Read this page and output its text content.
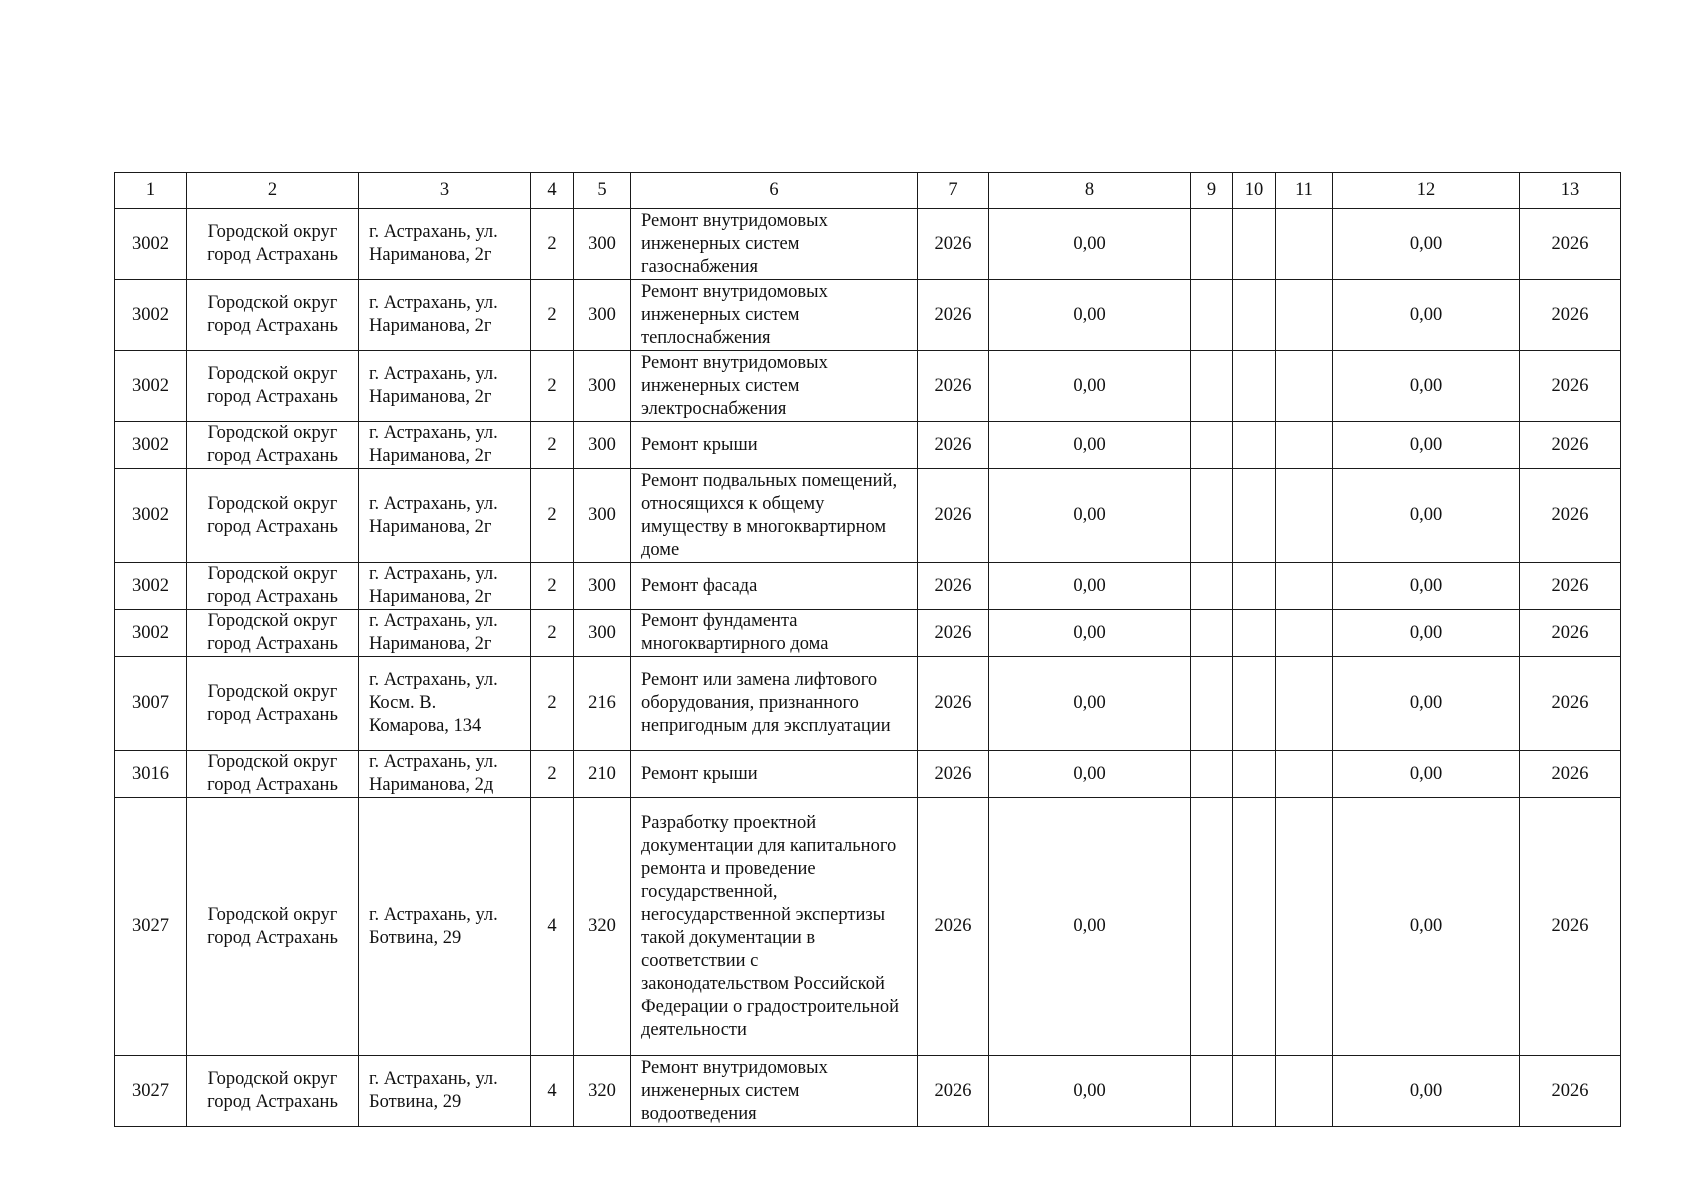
1	2	3	4	5	6	7	8	9	10	11	12	13
3002	Городской округ город Астрахань	г. Астрахань, ул. Нариманова, 2г	2	300	Ремонт внутридомовых инженерных систем газоснабжения	2026	0,00				0,00	2026
3002	Городской округ город Астрахань	г. Астрахань, ул. Нариманова, 2г	2	300	Ремонт внутридомовых инженерных систем теплоснабжения	2026	0,00				0,00	2026
3002	Городской округ город Астрахань	г. Астрахань, ул. Нариманова, 2г	2	300	Ремонт внутридомовых инженерных систем электроснабжения	2026	0,00				0,00	2026
3002	Городской округ город Астрахань	г. Астрахань, ул. Нариманова, 2г	2	300	Ремонт крыши	2026	0,00				0,00	2026
3002	Городской округ город Астрахань	г. Астрахань, ул. Нариманова, 2г	2	300	Ремонт подвальных помещений, относящихся к общему имуществу в многоквартирном доме	2026	0,00				0,00	2026
3002	Городской округ город Астрахань	г. Астрахань, ул. Нариманова, 2г	2	300	Ремонт фасада	2026	0,00				0,00	2026
3002	Городской округ город Астрахань	г. Астрахань, ул. Нариманова, 2г	2	300	Ремонт фундамента многоквартирного дома	2026	0,00				0,00	2026
3007	Городской округ город Астрахань	г. Астрахань, ул. Косм. В. Комарова, 134	2	216	Ремонт или замена лифтового оборудования, признанного непригодным для эксплуатации	2026	0,00				0,00	2026
3016	Городской округ город Астрахань	г. Астрахань, ул. Нариманова, 2д	2	210	Ремонт крыши	2026	0,00				0,00	2026
3027	Городской округ город Астрахань	г. Астрахань, ул. Ботвина, 29	4	320	Разработку проектной документации для капитального ремонта и проведение государственной, негосударственной экспертизы такой документации в соответствии с законодательством Российской Федерации о градостроительной деятельности	2026	0,00				0,00	2026
3027	Городской округ город Астрахань	г. Астрахань, ул. Ботвина, 29	4	320	Ремонт внутридомовых инженерных систем водоотведения	2026	0,00				0,00	2026
